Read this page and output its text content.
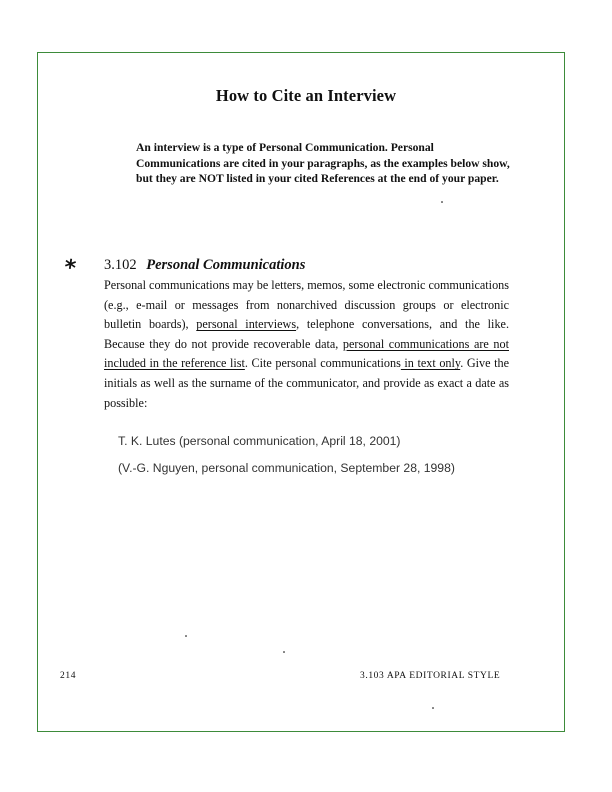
How to Cite an Interview

An interview is a type of Personal Communication. Personal Communications are cited in your paragraphs, as the examples below show, but they are NOT listed in your cited References at the end of your paper.

* 3.102 Personal Communications

Personal communications may be letters, memos, some electronic communications (e.g., e-mail or messages from nonarchived discussion groups or electronic bulletin boards), personal interviews, telephone conversations, and the like. Because they do not provide recoverable data, personal communications are not included in the reference list. Cite personal communications in text only. Give the initials as well as the surname of the communicator, and provide as exact a date as possible:

T. K. Lutes (personal communication, April 18, 2001)
(V.-G. Nguyen, personal communication, September 28, 1998)
214	3.103 APA EDITORIAL STYLE
